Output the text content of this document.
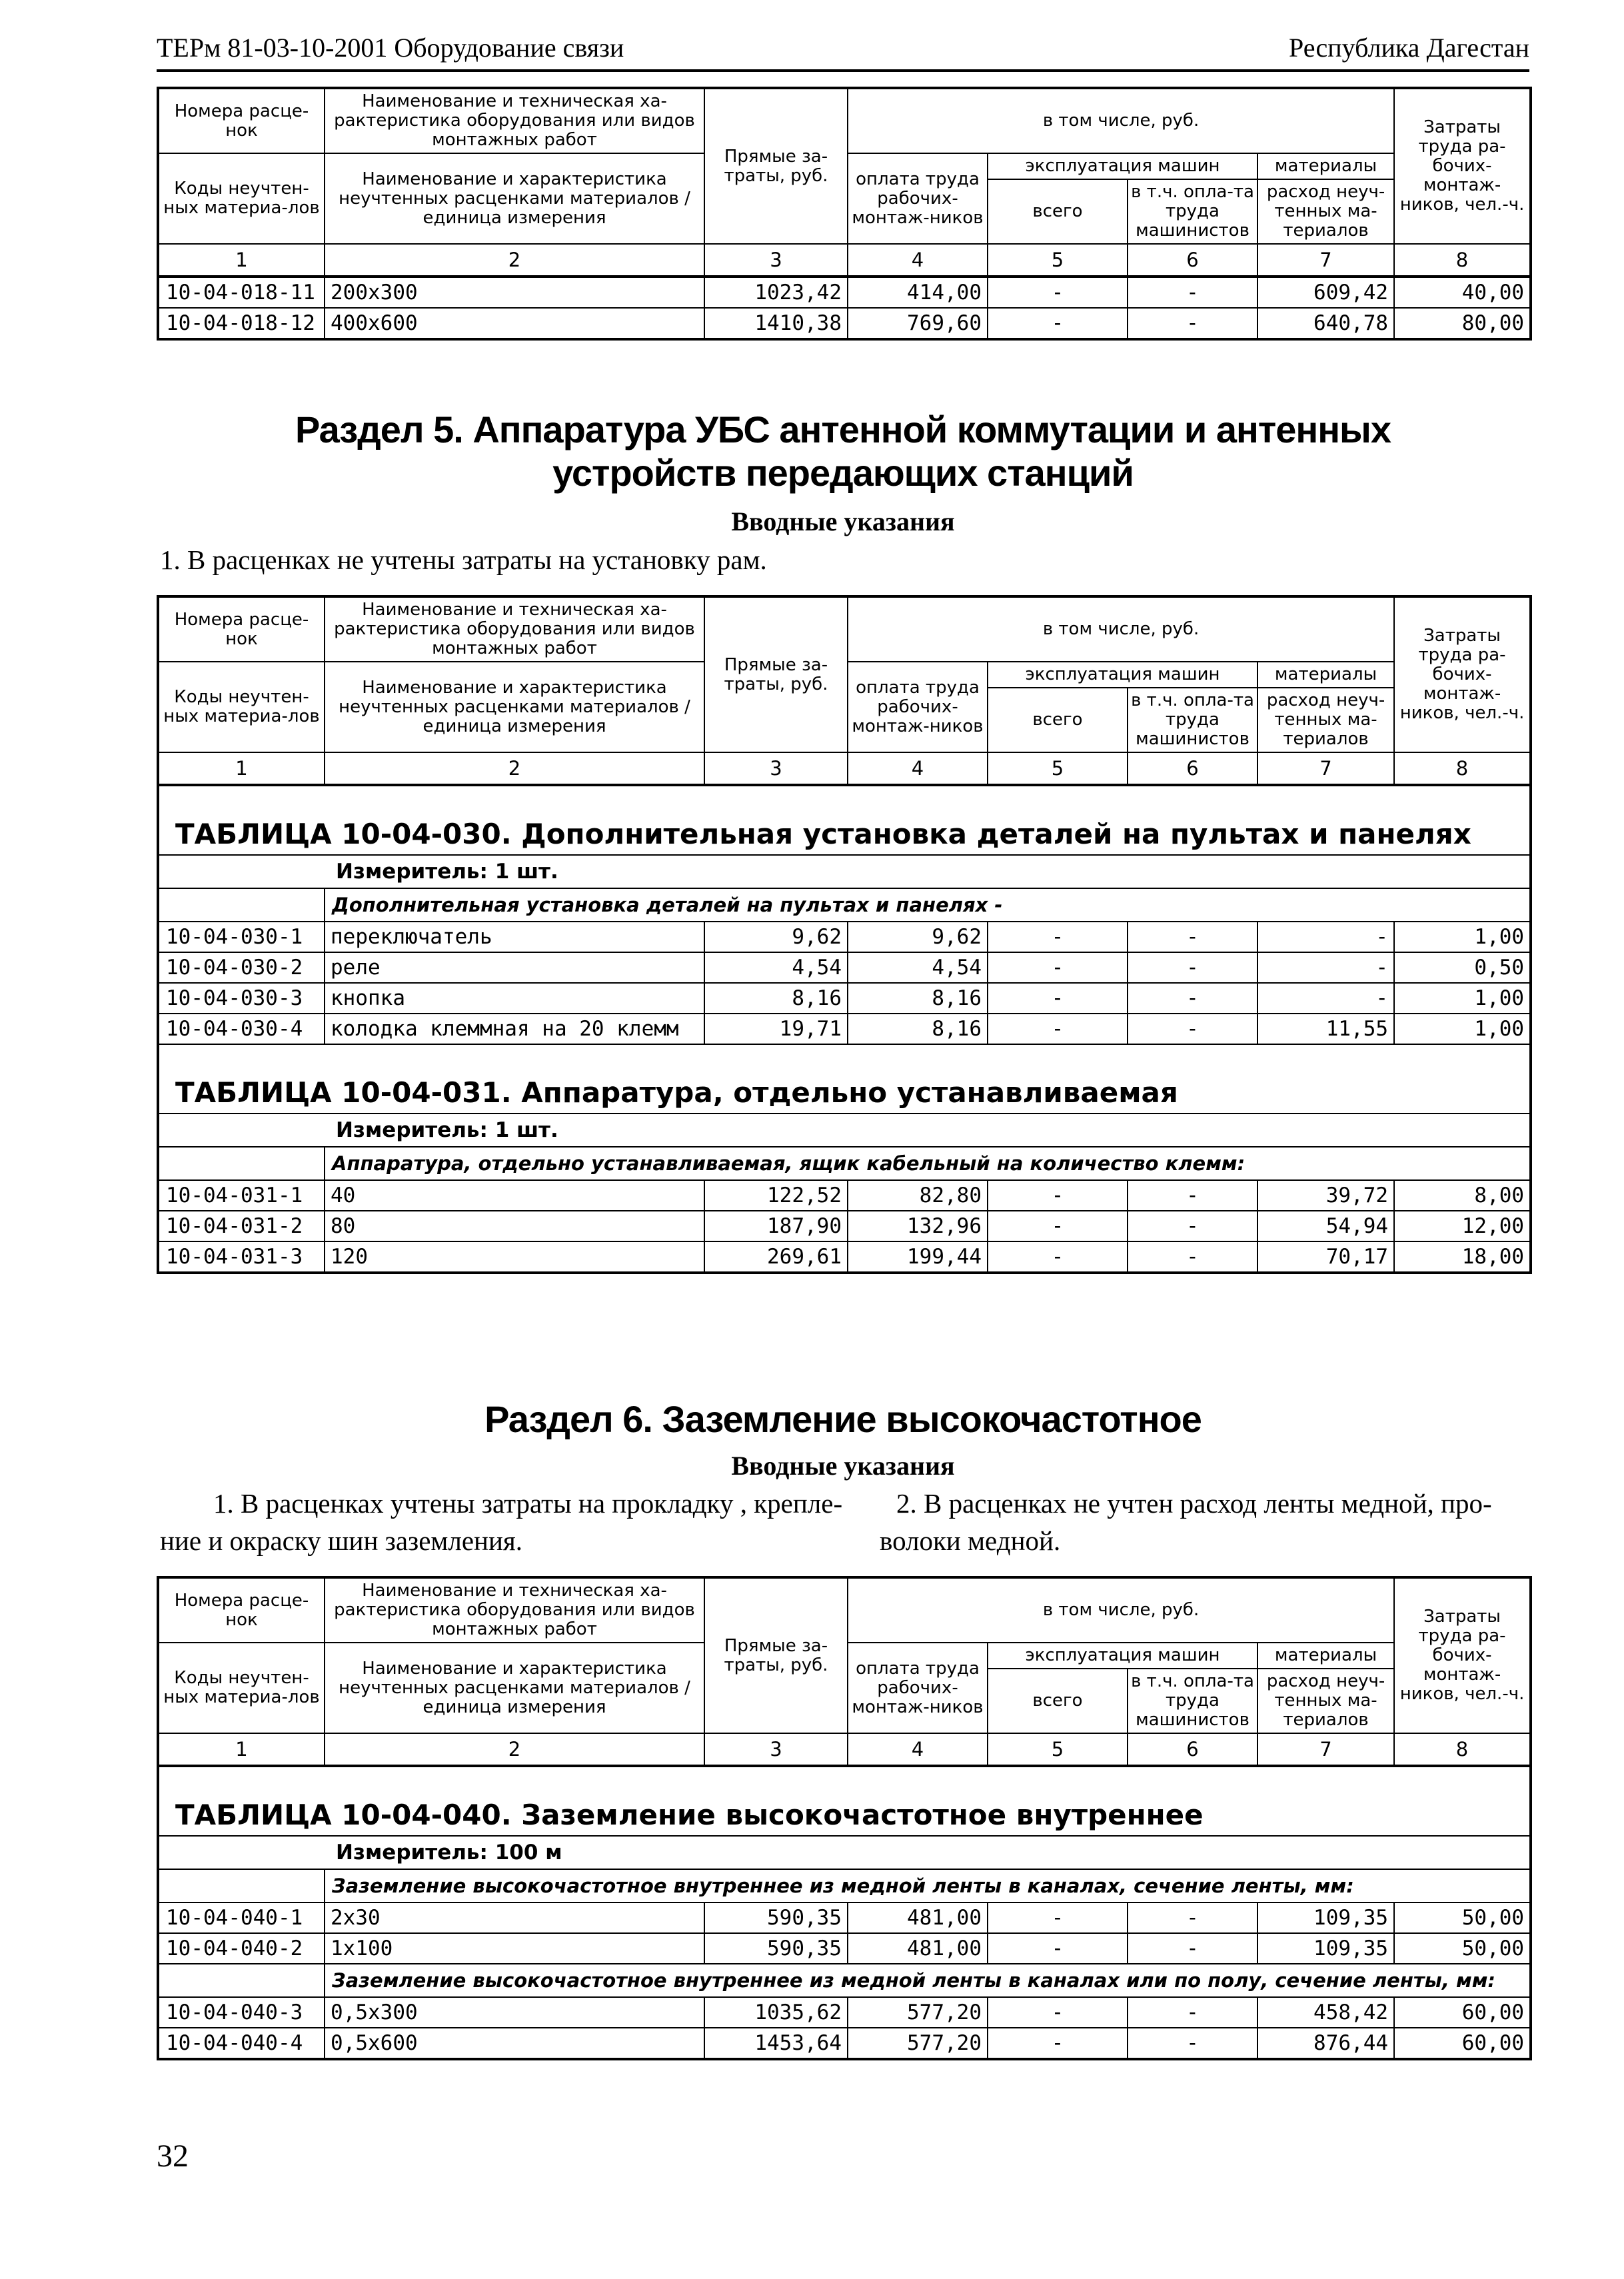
ТЕРм 81-03-10-2001 Оборудование связи	Республика Дагестан
Номера расце-нок	Наименование и техническая ха-рактеристика оборудования или видов монтажных работ	Прямые за-траты, руб.	в том числе, руб.				Затраты труда ра-бочих-монтаж-ников, чел.-ч.
Коды неучтен-ных материа-лов	Наименование и характеристика неучтенных расценками материалов / единица измерения		оплата труда рабочих-монтаж-ников	эксплуатация машин		материалы	
				всего	в т.ч. опла-та труда машинистов	расход неуч-тенных ма-териалов	
1	2	3	4	5	6	7	8
10-04-018-11	200х300	1023,42	414,00	-	-	609,42	40,00
10-04-018-12	400х600	1410,38	769,60	-	-	640,78	80,00
Раздел 5. Аппаратура УБС антенной коммутации и антенных
устройств передающих станций
Вводные указания
1. В расценках не учтены затраты на установку рам.
Номера расце-нок	Наименование и техническая ха-рактеристика оборудования или видов монтажных работ	Прямые за-траты, руб.	в том числе, руб.				Затраты труда ра-бочих-монтаж-ников, чел.-ч.
Коды неучтен-ных материа-лов	Наименование и характеристика неучтенных расценками материалов / единица измерения		оплата труда рабочих-монтаж-ников	эксплуатация машин		материалы	
				всего	в т.ч. опла-та труда машинистов	расход неуч-тенных ма-териалов	
1	2	3	4	5	6	7	8
ТАБЛИЦА 10-04-030. Дополнительная установка деталей на пультах и панелях							
Измеритель: 1 шт.							
	Дополнительная установка деталей на пультах и панелях -						
10-04-030-1	переключатель	9,62	9,62	-	-	-	1,00
10-04-030-2	реле	4,54	4,54	-	-	-	0,50
10-04-030-3	кнопка	8,16	8,16	-	-	-	1,00
10-04-030-4	колодка клеммная на 20 клемм	19,71	8,16	-	-	11,55	1,00
ТАБЛИЦА 10-04-031. Аппаратура, отдельно устанавливаемая							
Измеритель: 1 шт.							
	Аппаратура, отдельно устанавливаемая, ящик кабельный на количество клемм:						
10-04-031-1	40	122,52	82,80	-	-	39,72	8,00
10-04-031-2	80	187,90	132,96	-	-	54,94	12,00
10-04-031-3	120	269,61	199,44	-	-	70,17	18,00
Раздел 6. Заземление высокочастотное
Вводные указания
1. В расценках учтены затраты на прокладку , крепле-
ние и окраску шин заземления.
2. В расценках не учтен расход ленты медной, про-
волоки медной.
Номера расце-нок	Наименование и техническая ха-рактеристика оборудования или видов монтажных работ	Прямые за-траты, руб.	в том числе, руб.				Затраты труда ра-бочих-монтаж-ников, чел.-ч.
Коды неучтен-ных материа-лов	Наименование и характеристика неучтенных расценками материалов / единица измерения		оплата труда рабочих-монтаж-ников	эксплуатация машин		материалы	
				всего	в т.ч. опла-та труда машинистов	расход неуч-тенных ма-териалов	
1	2	3	4	5	6	7	8
ТАБЛИЦА 10-04-040. Заземление высокочастотное внутреннее							
Измеритель: 100 м							
	Заземление высокочастотное внутреннее из медной ленты в каналах, сечение ленты, мм:						
10-04-040-1	2х30	590,35	481,00	-	-	109,35	50,00
10-04-040-2	1х100	590,35	481,00	-	-	109,35	50,00
	Заземление высокочастотное внутреннее из медной ленты в каналах или по полу, сечение ленты, мм:						
10-04-040-3	0,5х300	1035,62	577,20	-	-	458,42	60,00
10-04-040-4	0,5х600	1453,64	577,20	-	-	876,44	60,00
32
